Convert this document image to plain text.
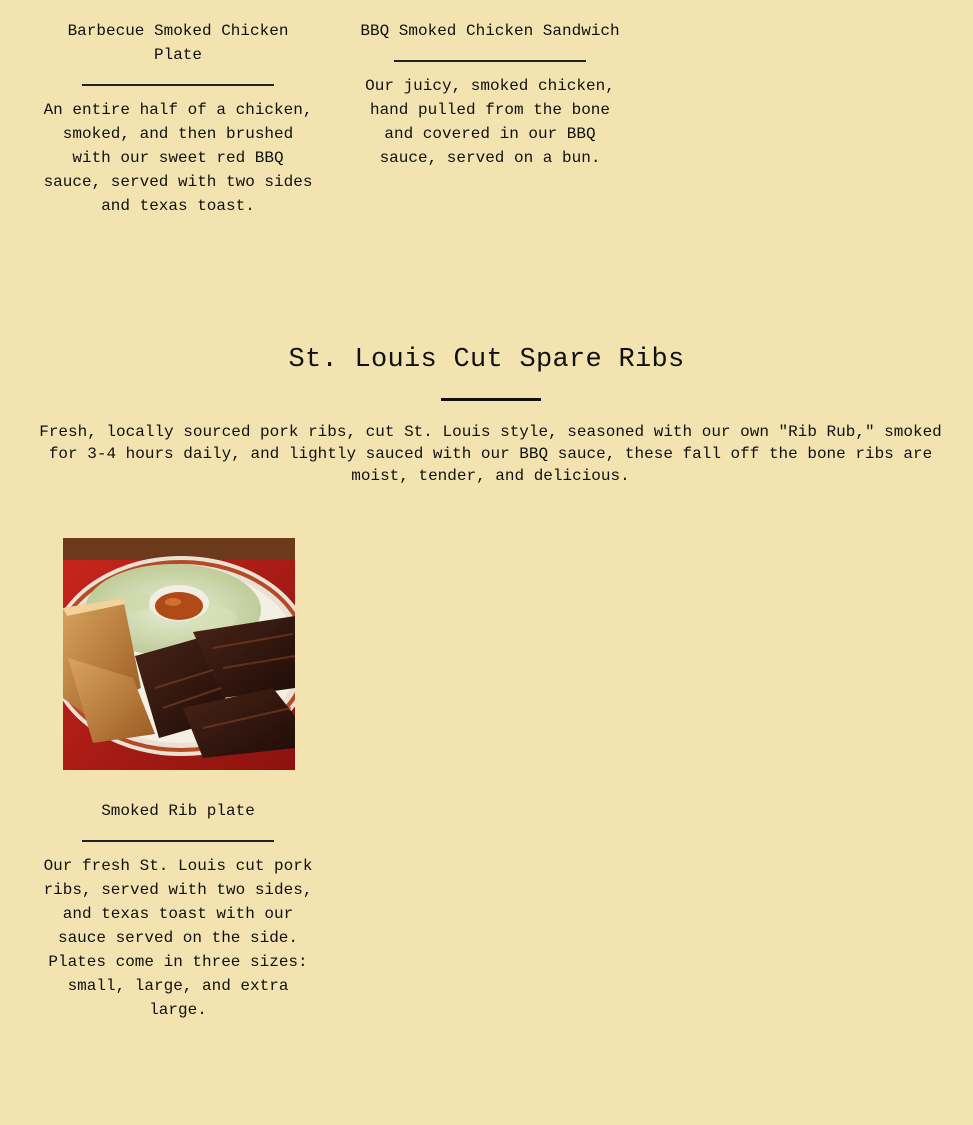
Barbecue Smoked Chicken Plate

An entire half of a chicken, smoked, and then brushed with our sweet red BBQ sauce, served with two sides and texas toast.

BBQ Smoked Chicken Sandwich

Our juicy, smoked chicken, hand pulled from the bone and covered in our BBQ sauce, served on a bun.

St. Louis Cut Spare Ribs

Fresh, locally sourced pork ribs, cut St. Louis style, seasoned with our own "Rib Rub," smoked for 3-4 hours daily, and lightly sauced with our BBQ sauce, these fall off the bone ribs are moist, tender, and delicious.

Smoked Rib plate

Our fresh St. Louis cut pork ribs, served with two sides, and texas toast with our sauce served on the side. Plates come in three sizes: small, large, and extra large.
